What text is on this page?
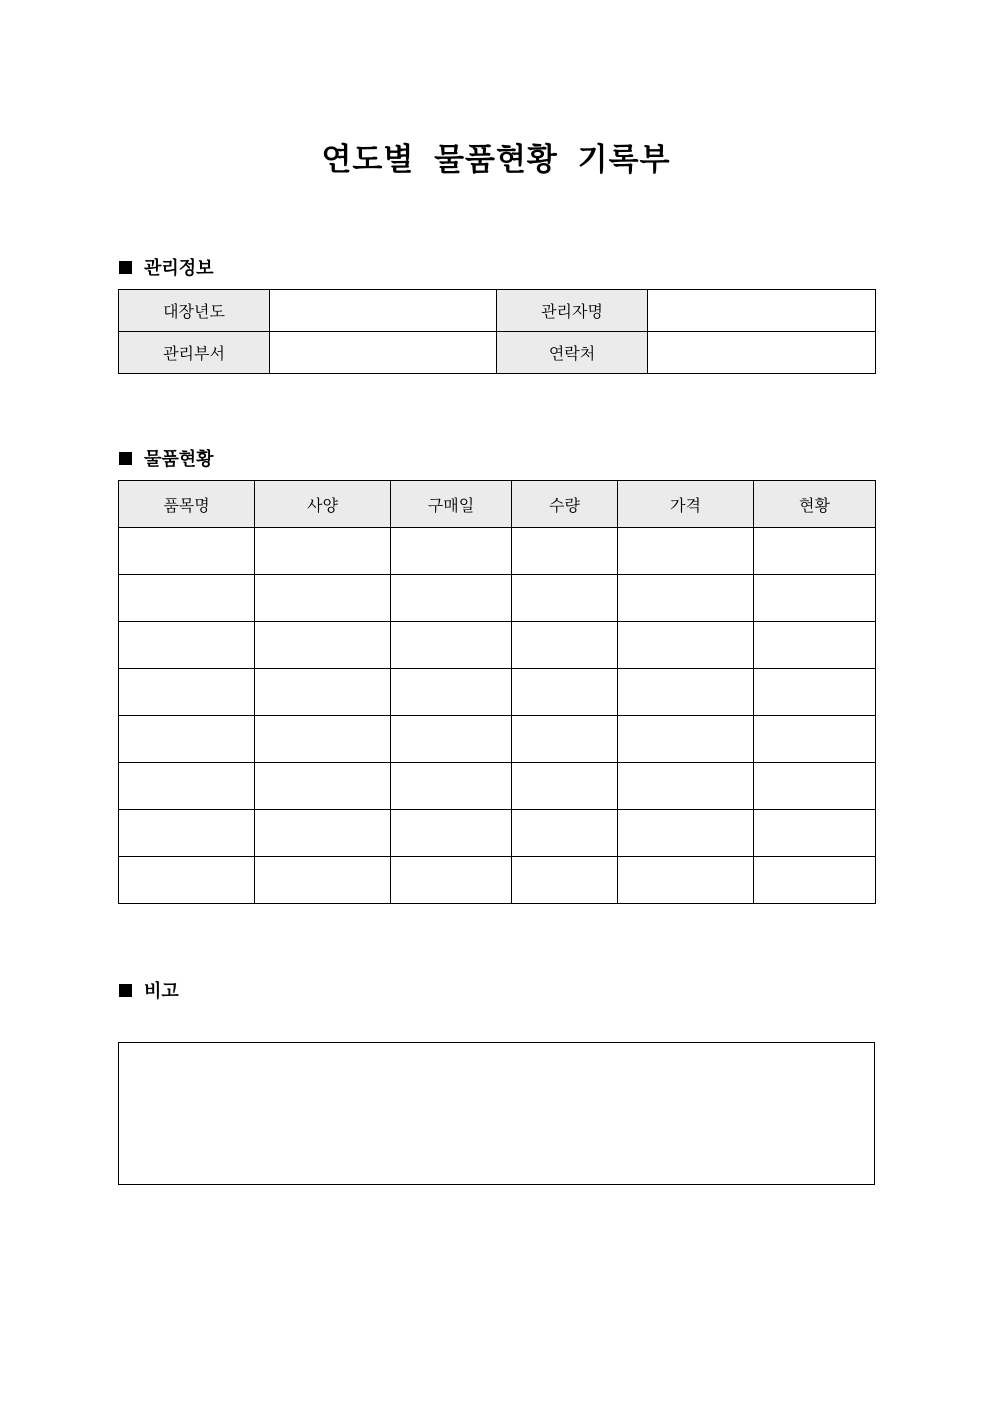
연도별 물품현황 기록부
관리정보
대장년도		관리자명	
관리부서		연락처	
물품현황
품목명	사양	구매일	수량	가격	현황

비고
